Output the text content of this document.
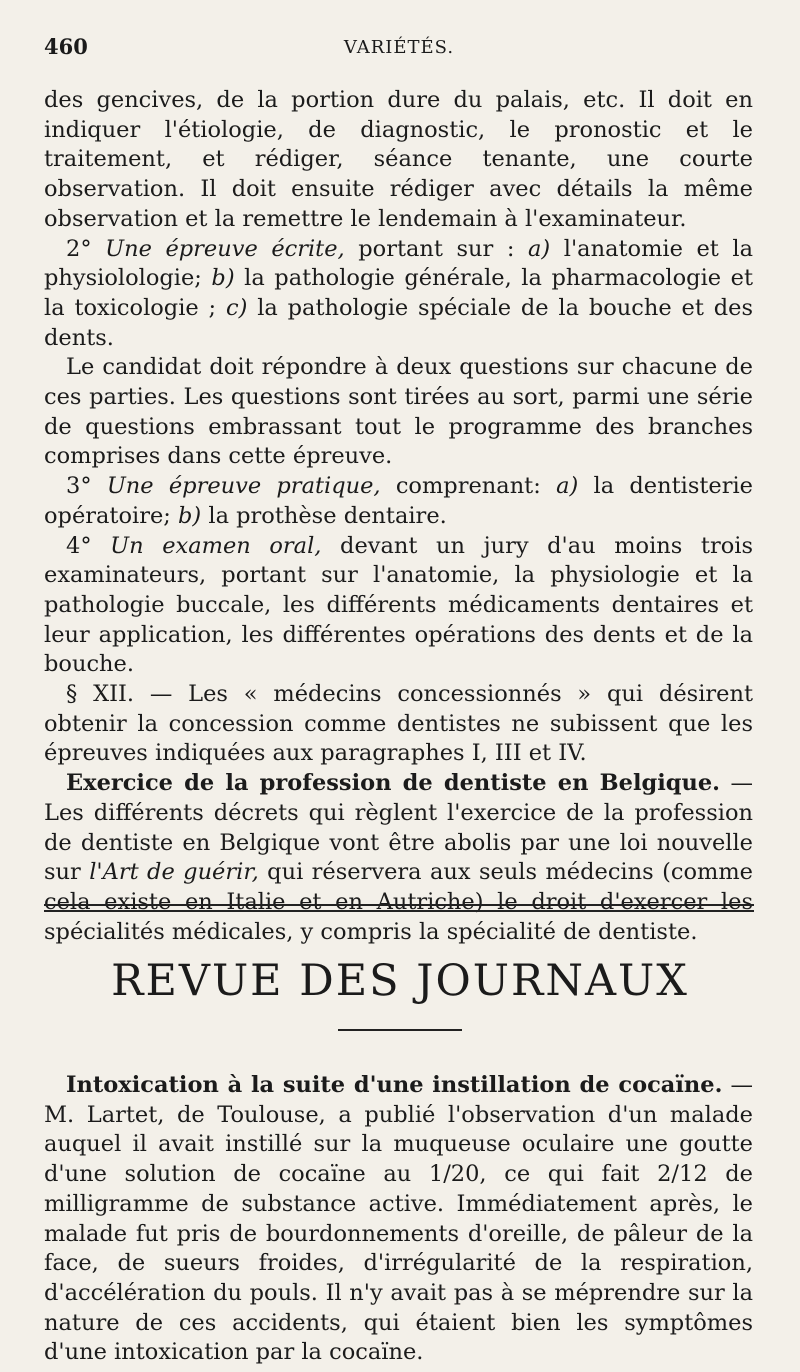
460	VARIÉTÉS.

des gencives, de la portion dure du palais, etc. Il doit en indiquer l'étiologie, de diagnostic, le pronostic et le traitement, et rédiger, séance tenante, une courte observation. Il doit ensuite rédiger avec détails la même observation et la remettre le lendemain à l'examinateur.

2° Une épreuve écrite, portant sur : a) l'anatomie et la physiolologie; b) la pathologie générale, la pharmacologie et la toxicologie ; c) la pathologie spéciale de la bouche et des dents.

Le candidat doit répondre à deux questions sur chacune de ces parties. Les questions sont tirées au sort, parmi une série de questions embrassant tout le programme des branches comprises dans cette épreuve.

3° Une épreuve pratique, comprenant: a) la dentisterie opératoire; b) la prothèse dentaire.

4° Un examen oral, devant un jury d'au moins trois examinateurs, portant sur l'anatomie, la physiologie et la pathologie buccale, les différents médicaments dentaires et leur application, les différentes opérations des dents et de la bouche.

§ XII. — Les « médecins concessionnés » qui désirent obtenir la concession comme dentistes ne subissent que les épreuves indiquées aux paragraphes I, III et IV.

Exercice de la profession de dentiste en Belgique. — Les différents décrets qui règlent l'exercice de la profession de dentiste en Belgique vont être abolis par une loi nouvelle sur l'Art de guérir, qui réservera aux seuls médecins (comme cela existe en Italie et en Autriche) le droit d'exercer les spécialités médicales, y compris la spécialité de dentiste.

REVUE DES JOURNAUX

Intoxication à la suite d'une instillation de cocaïne. — M. Lartet, de Toulouse, a publié l'observation d'un malade auquel il avait instillé sur la muqueuse oculaire une goutte d'une solution de cocaïne au 1/20, ce qui fait 2/12 de milligramme de substance active. Immédiatement après, le malade fut pris de bourdonnements d'oreille, de pâleur de la face, de sueurs froides, d'irrégularité de la respiration, d'accélération du pouls. Il n'y avait pas à se méprendre sur la nature de ces accidents, qui étaient bien les symptômes d'une intoxication par la cocaïne.
